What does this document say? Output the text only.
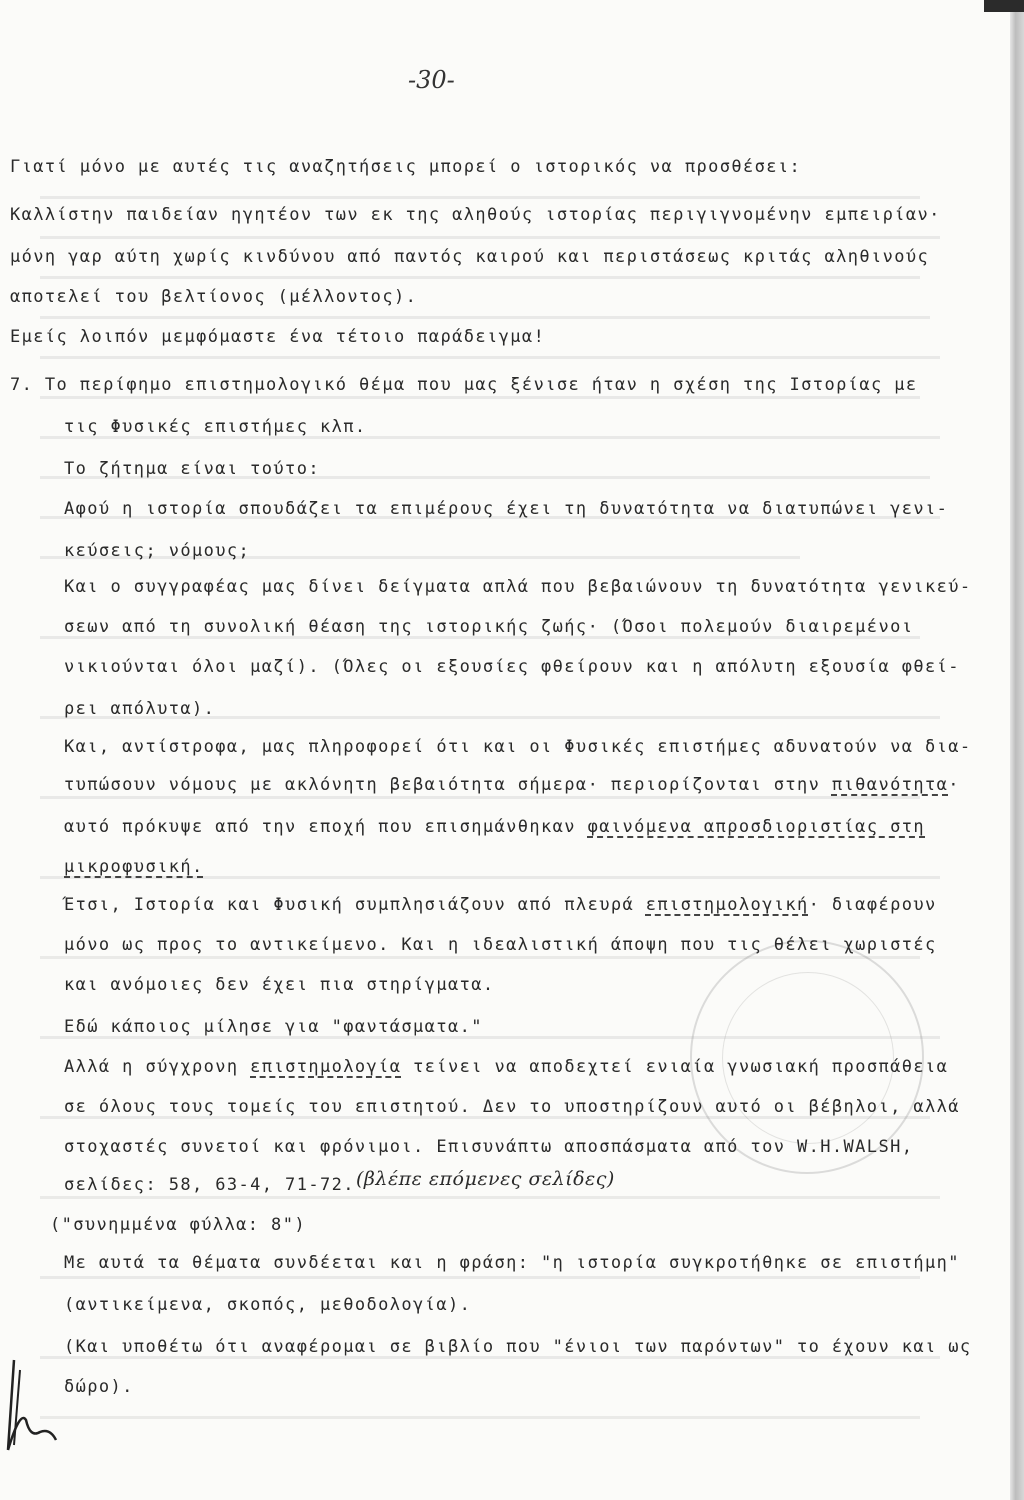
-30-
Γιατί μόνο με αυτές τις αναζητήσεις μπορεί ο ιστορικός να προσθέσει:
Καλλίστην παιδείαν ηγητέον των εκ της αληθούς ιστορίας περιγιγνομένην εμπειρίαν·
μόνη γαρ αύτη χωρίς κινδύνου από παντός καιρού και περιστάσεως κριτάς αληθινούς
αποτελεί του βελτίονος (μέλλοντος).
Εμείς λοιπόν μεμφόμαστε ένα τέτοιο παράδειγμα!
7. Το περίφημο επιστημολογικό θέμα που μας ξένισε ήταν η σχέση της Ιστορίας με
τις Φυσικές επιστήμες κλπ.
Το ζήτημα είναι τούτο:
Αφού η ιστορία σπουδάζει τα επιμέρους έχει τη δυνατότητα να διατυπώνει γενι-
κεύσεις; νόμους;
Και ο συγγραφέας μας δίνει δείγματα απλά που βεβαιώνουν τη δυνατότητα γενικεύ-
σεων από τη συνολική θέαση της ιστορικής ζωής· (Όσοι πολεμούν διαιρεμένοι
νικιούνται όλοι μαζί). (Όλες οι εξουσίες φθείρουν και η απόλυτη εξουσία φθεί-
ρει απόλυτα).
Και, αντίστροφα, μας πληροφορεί ότι και οι Φυσικές επιστήμες αδυνατούν να δια-
τυπώσουν νόμους με ακλόνητη βεβαιότητα σήμερα· περιορίζονται στην πιθανότητα·
αυτό πρόκυψε από την εποχή που επισημάνθηκαν φαινόμενα απροσδιοριστίας στη
μικροφυσική.
Έτσι, Ιστορία και Φυσική συμπλησιάζουν από πλευρά επιστημολογική· διαφέρουν
μόνο ως προς το αντικείμενο. Και η ιδεαλιστική άποψη που τις θέλει χωριστές
και ανόμοιες δεν έχει πια στηρίγματα.
Εδώ κάποιος μίλησε για "φαντάσματα."
Αλλά η σύγχρονη επιστημολογία τείνει να αποδεχτεί ενιαία γνωσιακή προσπάθεια
σε όλους τους τομείς του επιστητού. Δεν το υποστηρίζουν αυτό οι βέβηλοι, αλλά
στοχαστές συνετοί και φρόνιμοι. Επισυνάπτω αποσπάσματα από τον W.H.WALSH,
σελίδες: 58, 63-4, 71-72. (βλέπε επόμενες σελίδες)
("συνημμένα φύλλα: 8")
Με αυτά τα θέματα συνδέεται και η φράση: "η ιστορία συγκροτήθηκε σε επιστήμη"
(αντικείμενα, σκοπός, μεθοδολογία).
(Και υποθέτω ότι αναφέρομαι σε βιβλίο που "ένιοι των παρόντων" το έχουν και ως
δώρο).
